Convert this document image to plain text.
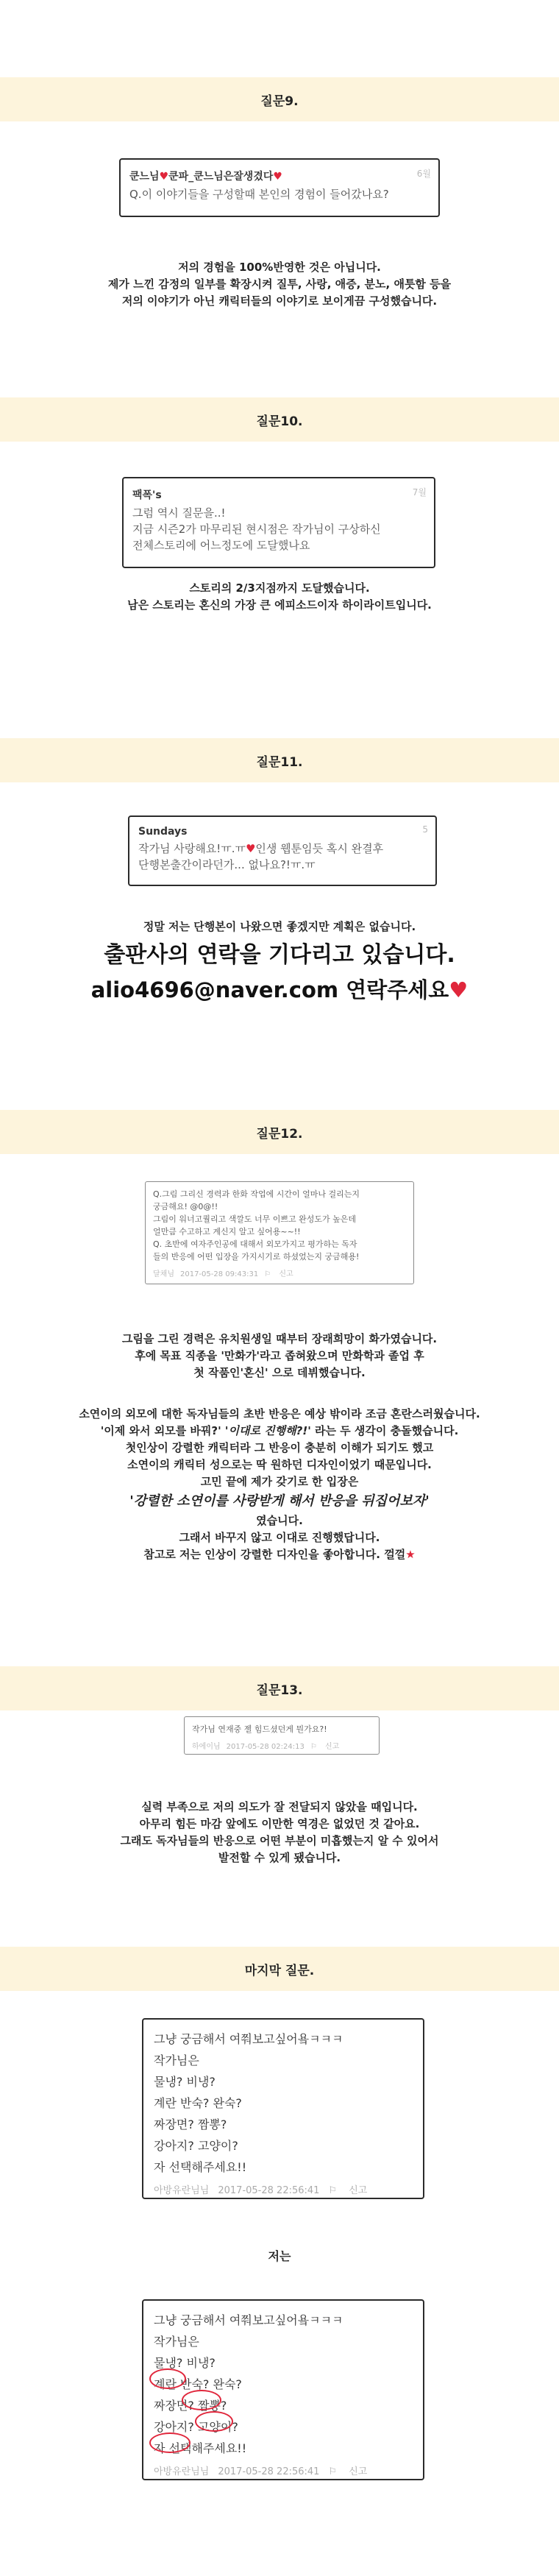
질문9.
6월
쿤느님♥쿤파_쿤느님은잘생겼다♥
Q.이 이야기들을 구성할때 본인의 경험이 들어갔나요?
저의 경험을 100%반영한 것은 아닙니다.
제가 느낀 감정의 일부를 확장시켜 질투, 사랑, 애증, 분노, 애틋함 등을
저의 이야기가 아닌 캐릭터들의 이야기로 보이게끔 구성했습니다.
질문10.
7월
팩폭's
그럼 역시 질문을..!
지금 시즌2가 마무리된 현시점은 작가님이 구상하신
전체스토리에 어느정도에 도달했나요
스토리의 2/3지점까지 도달했습니다.
남은 스토리는 혼신의 가장 큰 에피소드이자 하이라이트입니다.
질문11.
5
Sundays
작가님 사랑해요!ㅠ.ㅠ♥인생 웹툰임듯 혹시 완결후
단행본출간이라던가... 없나요?!ㅠ.ㅠ
정말 저는 단행본이 나왔으면 좋겠지만 계획은 없습니다.
출판사의 연락을 기다리고 있습니다.
alio4696@naver.com 연락주세요♥
질문12.
Q.그림 그리신 경력과 한화 작업에 시간이 얼마나 걸리는지
궁금해요! @0@!!
그림이 워너고퀄리고 색깔도 너무 이쁘고 완성도가 높은데
얼만큼 수고하고 계신지 알고 싶어용~~!!
Q. 초반에 여자주인공에 대해서 외모가지고 평가하는 독자
들의 반응에 어떤 입장을 가지시기로 하셨었는지 궁금해용!
달채님 2017-05-28 09:43:31 ⚐ 신고
그림을 그린 경력은 유치원생일 때부터 장래희망이 화가였습니다.
후에 목표 직종을 '만화가'라고 좁혀왔으며 만화학과 졸업 후
첫 작품인'혼신' 으로 데뷔했습니다.
소연이의 외모에 대한 독자님들의 초반 반응은 예상 밖이라 조금 혼란스러웠습니다.
'이제 와서 외모를 바꿔?' '이대로 진행해?!' 라는 두 생각이 충돌했습니다.
첫인상이 강렬한 캐릭터라 그 반응이 충분히 이해가 되기도 했고
소연이의 캐릭터 성으로는 딱 원하던 디자인이었기 때문입니다.
고민 끝에 제가 갖기로 한 입장은
'강렬한 소연이를 사랑받게 해서 반응을 뒤집어보자'
였습니다.
그래서 바꾸지 않고 이대로 진행했답니다.
참고로 저는 인상이 강렬한 디자인을 좋아합니다. 껄껄★
질문13.
작가님 연재중 젤 힘드셨던게 뭔가요?!
하에이님 2017-05-28 02:24:13 ⚐ 신고
실력 부족으로 저의 의도가 잘 전달되지 않았을 때입니다.
아무리 힘든 마감 앞에도 이만한 역경은 없었던 것 같아요.
그래도 독자님들의 반응으로 어떤 부분이 미흡했는지 알 수 있어서
발전할 수 있게 됐습니다.
마지막 질문.
그냥 궁금해서 여쭤보고싶어욬ㅋㅋㅋ
작가님은
물냉? 비냉?
계란 반숙? 완숙?
짜장면? 짬뽕?
강아지? 고양이?
자 선택해주세요!!
아방유란님님 2017-05-28 22:56:41 ⚐ 신고
저는
그냥 궁금해서 여쭤보고싶어욬ㅋㅋㅋ
작가님은
물냉? 비냉?
계란 반숙? 완숙?
짜장면? 짬뽕?
강아지? 고양이?
자 선택해주세요!!
아방유란님님 2017-05-28 22:56:41 ⚐ 신고
